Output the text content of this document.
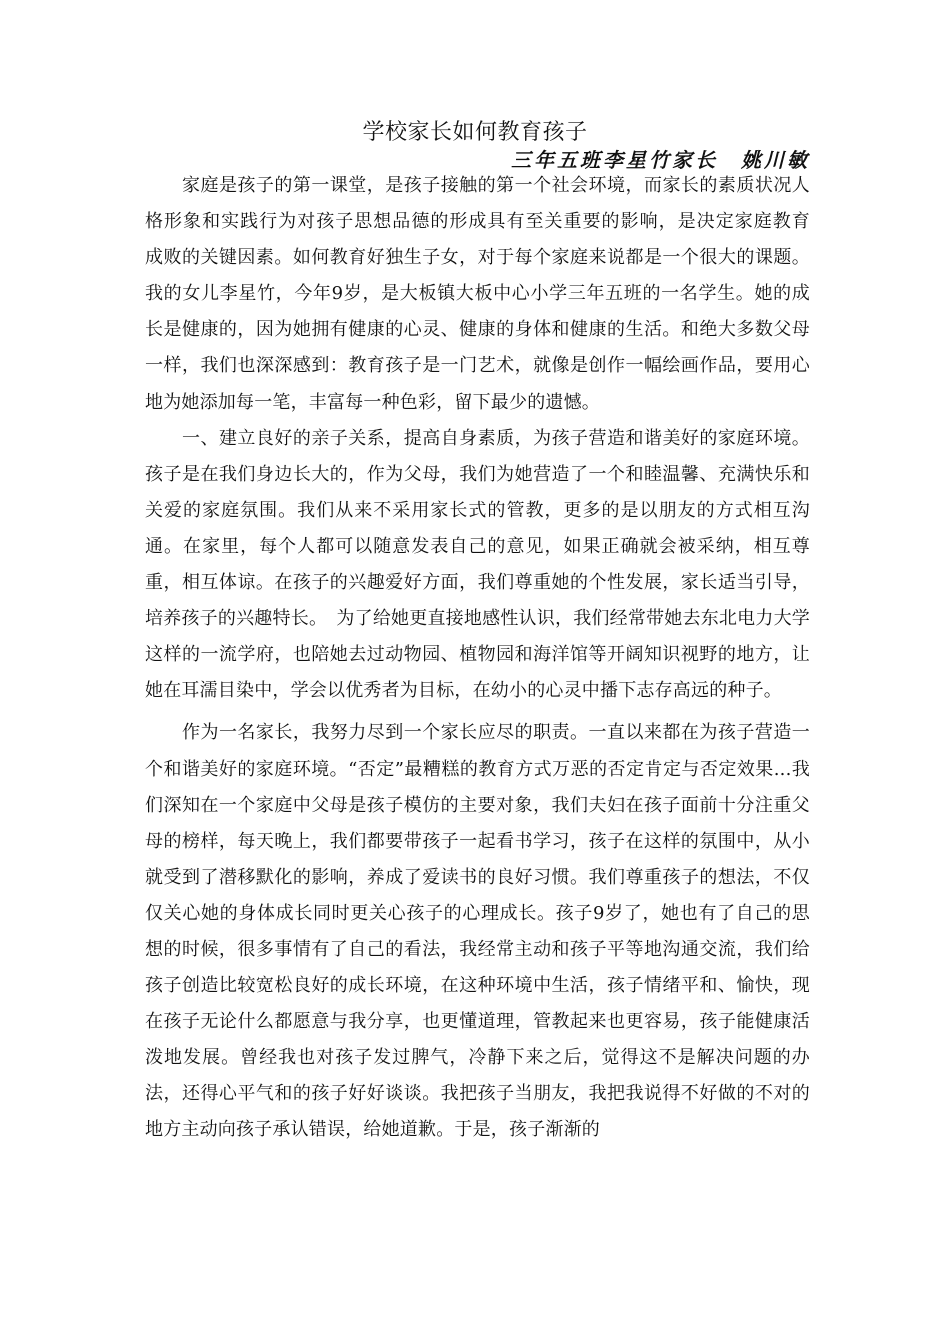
学校家长如何教育孩子
三年五班李星竹家长　姚川敏

家庭是孩子的第一课堂，是孩子接触的第一个社会环境，而家长的素质状况人格形象和实践行为对孩子思想品德的形成具有至关重要的影响，是决定家庭教育　成败的关键因素。如何教育好独生子女，对于每个家庭来说都是一个很大的课题。我的女儿李星竹，今年9岁，是大板镇大板中心小学三年五班的一名学生。她的成长是健康的，因为她拥有健康的心灵、健康的身体和健康的生活。和绝大多数父母一样，我们也深深感到：教育孩子是一门艺术，就像是创作一幅绘画作品，要用心地为她添加每一笔，丰富每一种色彩，留下最少的遗憾。

一、建立良好的亲子关系，提高自身素质，为孩子营造和谐美好的家庭环境。孩子是在我们身边长大的，作为父母，我们为她营造了一个和睦温馨、充满快乐和关爱的家庭氛围。我们从来不采用家长式的管教，更多的是以朋友的方式相互沟通。在家里，每个人都可以随意发表自己的意见，如果正确就会被采纳，相互尊重，相互体谅。在孩子的兴趣爱好方面，我们尊重她的个性发展，家长适当引导，培养孩子的兴趣特长。　为了给她更直接地感性认识，我们经常带她去东北电力大学这样的一流学府，也陪她去过动物园、植物园和海洋馆等开阔知识视野的地方，让她在耳濡目染中，学会以优秀者为目标，在幼小的心灵中播下志存高远的种子。

作为一名家长，我努力尽到一个家长应尽的职责。一直以来都在为孩子营造一个和谐美好的家庭环境。“否定”最糟糕的教育方式万恶的否定肯定与否定效果...我们深知在一个家庭中父母是孩子模仿的主要对象，我们夫妇在孩子面前十分注重父母的榜样，每天晚上，我们都要带孩子一起看书学习，孩子在这样的氛围中，从小就受到了潜移默化的影响，养成了爱读书的良好习惯。我们尊重孩子的想法，不仅仅关心她的身体成长同时更关心孩子的心理成长。孩子9岁了，她也有了自己的思想的时候，很多事情有了自己的看法，我经常主动和孩子平等地沟通交流，我们给孩子创造比较宽松良好的成长环境，在这种环境中生活，孩子情绪平和、愉快，现在孩子无论什么都愿意与我分享，也更懂道理，管教起来也更容易，孩子能健康活泼地发展。曾经我也对孩子发过脾气，冷静下来之后，觉得这不是解决问题的办法，还得心平气和的孩子好好谈谈。我把孩子当朋友，我把我说得不好做的不对的地方主动向孩子承认错误，给她道歉。于是，孩子渐渐的
